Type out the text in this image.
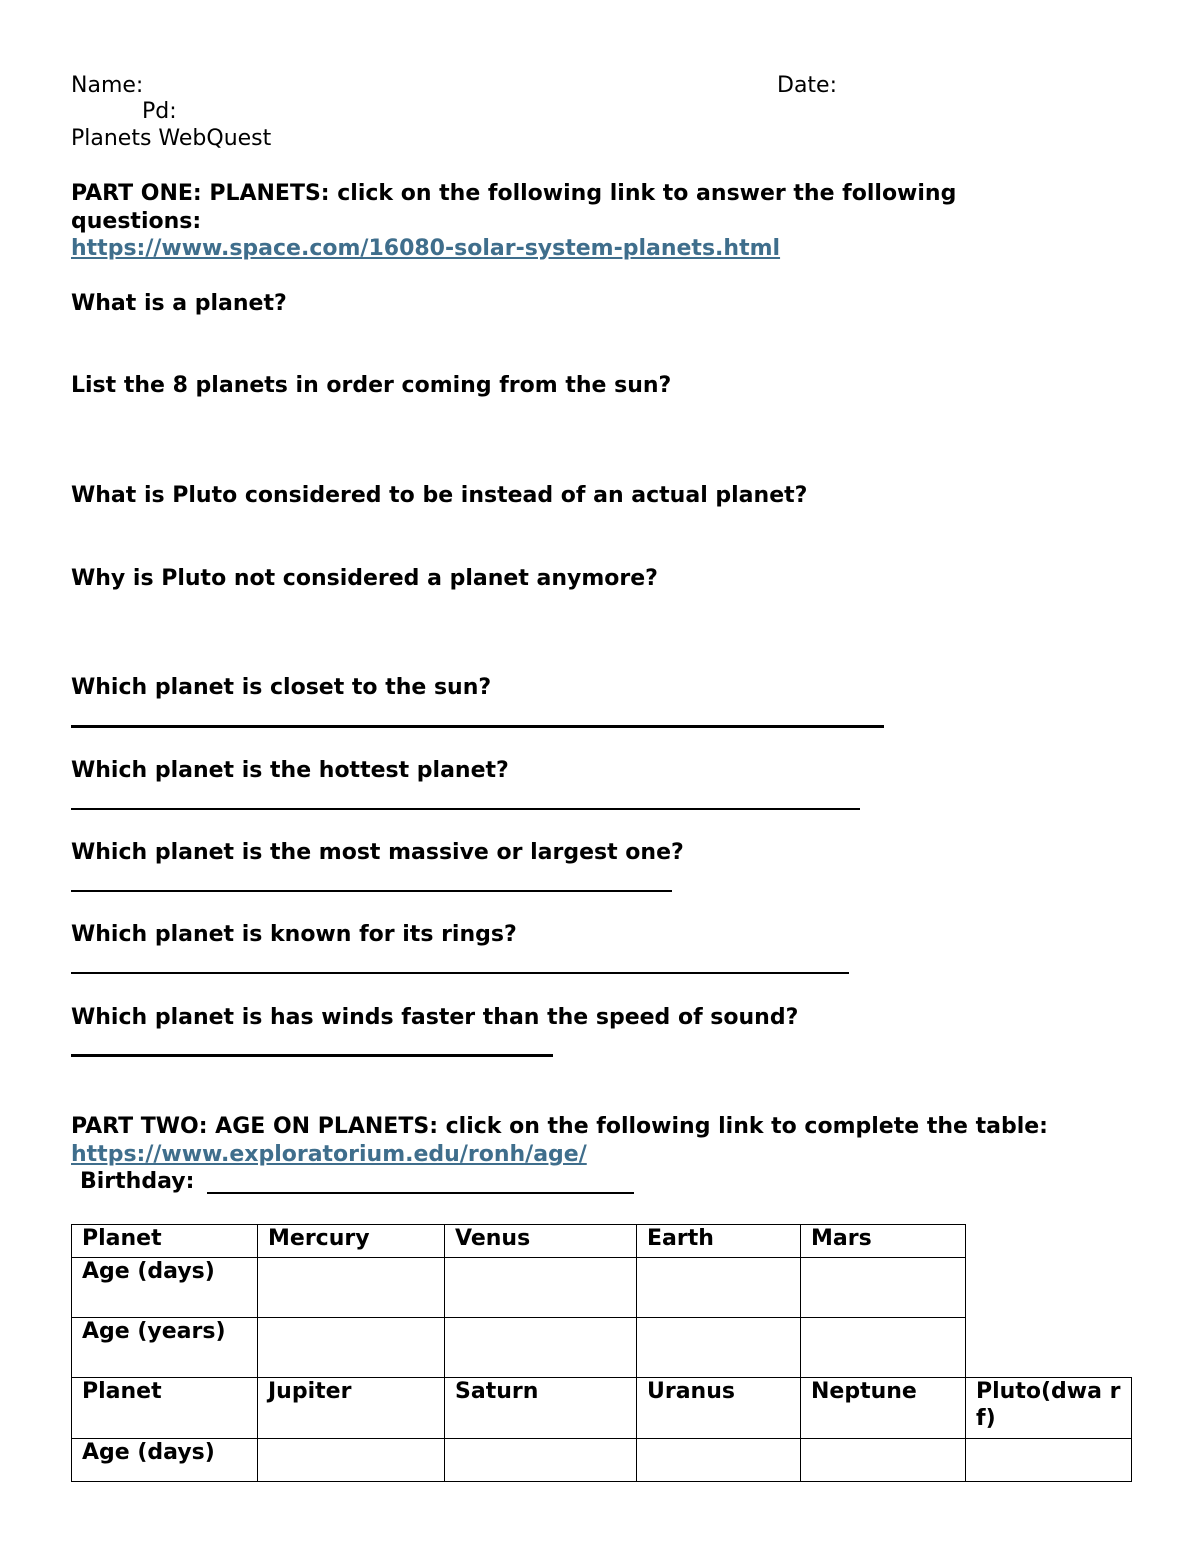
Name:	Date:
Pd:
Planets WebQuest
PART ONE: PLANETS: click on the following link to answer the following
questions:
https://www.space.com/16080-solar-system-planets.html
What is a planet?
List the 8 planets in order coming from the sun?
What is Pluto considered to be instead of an actual planet?
Why is Pluto not considered a planet anymore?
Which planet is closet to the sun?
Which planet is the hottest planet?
Which planet is the most massive or largest one?
Which planet is known for its rings?
Which planet is has winds faster than the speed of sound?
PART TWO: AGE ON PLANETS: click on the following link to complete the table:
https://www.exploratorium.edu/ronh/age/
Birthday:
Planet	Mercury	Venus	Earth	Mars	
Age (days)					
Age (years)					
Planet	Jupiter	Saturn	Uranus	Neptune	Pluto(dwa rf)
Age (days)					
